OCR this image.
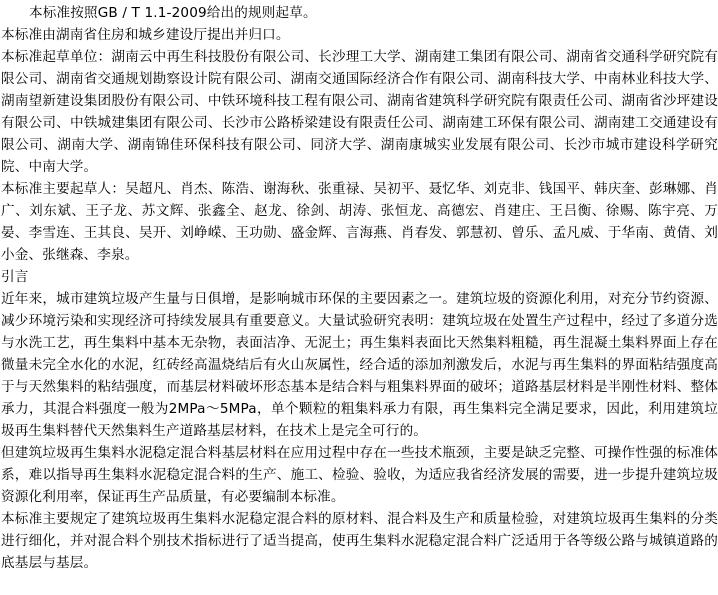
本标准按照GB / T 1.1-2009给出的规则起草。

本标准由湖南省住房和城乡建设厅提出并归口。

本标准起草单位：湖南云中再生科技股份有限公司、长沙理工大学、湖南建工集团有限公司、湖南省交通科学研究院有限公司、湖南省交通规划勘察设计院有限公司、湖南交通国际经济合作有限公司、湖南科技大学、中南林业科技大学、湖南望新建设集团股份有限公司、中铁环境科技工程有限公司、湖南省建筑科学研究院有限责任公司、湖南省沙坪建设有限公司、中铁城建集团有限公司、长沙市公路桥梁建设有限责任公司、湖南建工环保有限公司、湖南建工交通建设有限公司、湖南大学、湖南锦佳环保科技有限公司、同济大学、湖南康城实业发展有限公司、长沙市城市建设科学研究院、中南大学。

本标准主要起草人：吴超凡、肖杰、陈浩、谢海秋、张重禄、吴初平、聂忆华、刘克非、钱国平、韩庆奎、彭琳娜、肖广、刘东斌、王子龙、苏文辉、张鑫全、赵龙、徐剑、胡涛、张恒龙、高德宏、肖建庄、王吕衡、徐赐、陈宇亮、万晏、李雪连、王其良、吴开、刘峥嵘、王功勋、盛金辉、言海燕、肖春发、郭慧初、曾乐、孟凡威、于华南、黄倩、刘小金、张继森、李泉。

引言

近年来，城市建筑垃圾产生量与日俱增，是影响城市环保的主要因素之一。建筑垃圾的资源化利用，对充分节约资源、减少环境污染和实现经济可持续发展具有重要意义。大量试验研究表明：建筑垃圾在处置生产过程中，经过了多道分选与水洗工艺，再生集料中基本无杂物，表面洁净、无泥土；再生集料表面比天然集料粗糙，再生混凝土集料界面上存在微量未完全水化的水泥，红砖经高温烧结后有火山灰属性，经合适的添加剂激发后，水泥与再生集料的界面粘结强度高于与天然集料的粘结强度，而基层材料破坏形态基本是结合料与粗集料界面的破坏；道路基层材料是半刚性材料、整体承力，其混合料强度一般为2MPa～5MPa，单个颗粒的粗集料承力有限，再生集料完全满足要求，因此，利用建筑垃圾再生集料替代天然集料生产道路基层材料，在技术上是完全可行的。

但建筑垃圾再生集料水泥稳定混合料基层材料在应用过程中存在一些技术瓶颈，主要是缺乏完整、可操作性强的标准体系，难以指导再生集料水泥稳定混合料的生产、施工、检验、验收，为适应我省经济发展的需要，进一步提升建筑垃圾资源化利用率，保证再生产品质量，有必要编制本标准。

本标准主要规定了建筑垃圾再生集料水泥稳定混合料的原材料、混合料及生产和质量检验，对建筑垃圾再生集料的分类进行细化，并对混合料个别技术指标进行了适当提高，使再生集料水泥稳定混合料广泛适用于各等级公路与城镇道路的底基层与基层。
